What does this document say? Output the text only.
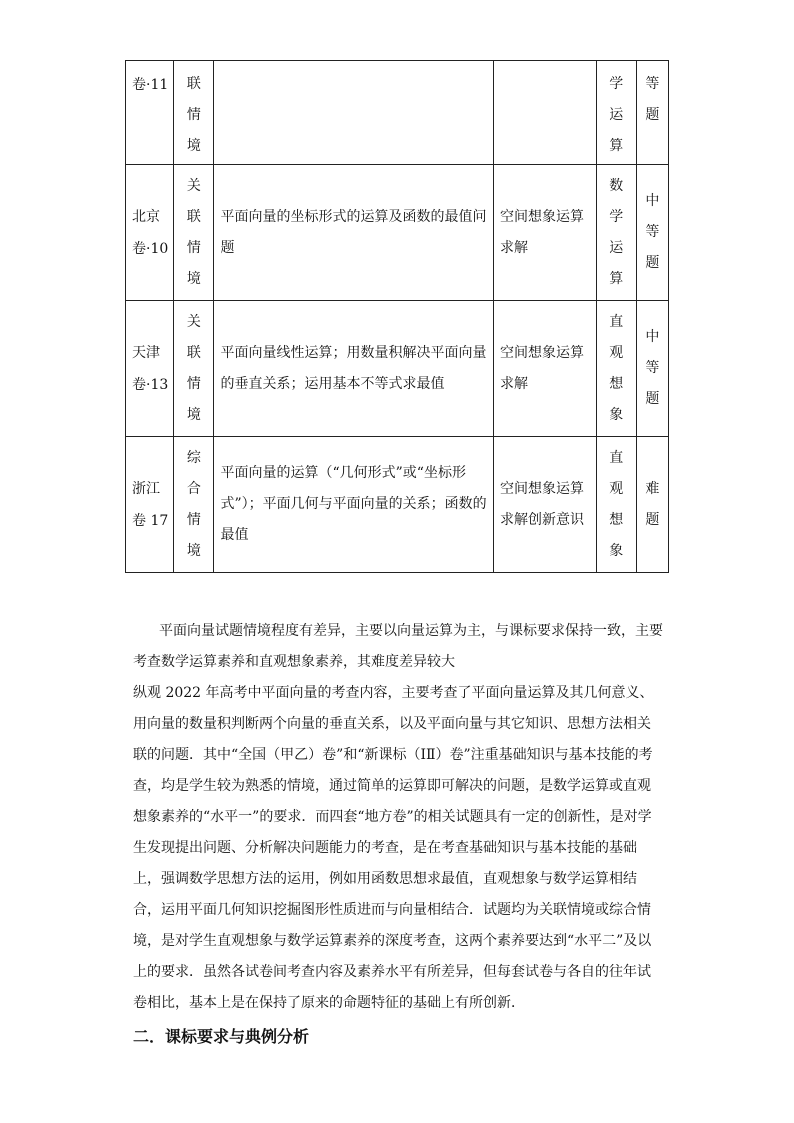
卷·11	联
情
境			学
运
算	等
题

北京
卷·10	关
联
情
境	平面向量的坐标形式的运算及函数的最值问题	空间想象运算求解	数
学
运
算	中
等
题

天津
卷·13	关
联
情
境	平面向量线性运算；用数量积解决平面向量的垂直关系；运用基本不等式求最值	空间想象运算求解	直
观
想
象	中
等
题

浙江
卷 17	综
合
情
境	平面向量的运算（“几何形式”或“坐标形式”）；平面几何与平面向量的关系；函数的最值	空间想象运算求解创新意识	直
观
想
象	难
题

平面向量试题情境程度有差异，主要以向量运算为主，与课标要求保持一致，主要考查数学运算素养和直观想象素养，其难度差异较大

纵观 2022 年高考中平面向量的考查内容，主要考查了平面向量运算及其几何意义、用向量的数量积判断两个向量的垂直关系，以及平面向量与其它知识、思想方法相关联的问题．其中“全国（甲乙）卷”和“新课标（ⅠⅡ）卷”注重基础知识与基本技能的考查，均是学生较为熟悉的情境，通过简单的运算即可解决的问题，是数学运算或直观想象素养的“水平一”的要求．而四套“地方卷”的相关试题具有一定的创新性，是对学生发现提出问题、分析解决问题能力的考查，是在考查基础知识与基本技能的基础上，强调数学思想方法的运用，例如用函数思想求最值，直观想象与数学运算相结合，运用平面几何知识挖掘图形性质进而与向量相结合．试题均为关联情境或综合情境，是对学生直观想象与数学运算素养的深度考查，这两个素养要达到“水平二”及以上的要求．虽然各试卷间考查内容及素养水平有所差异，但每套试卷与各自的往年试卷相比，基本上是在保持了原来的命题特征的基础上有所创新．

二．课标要求与典例分析
